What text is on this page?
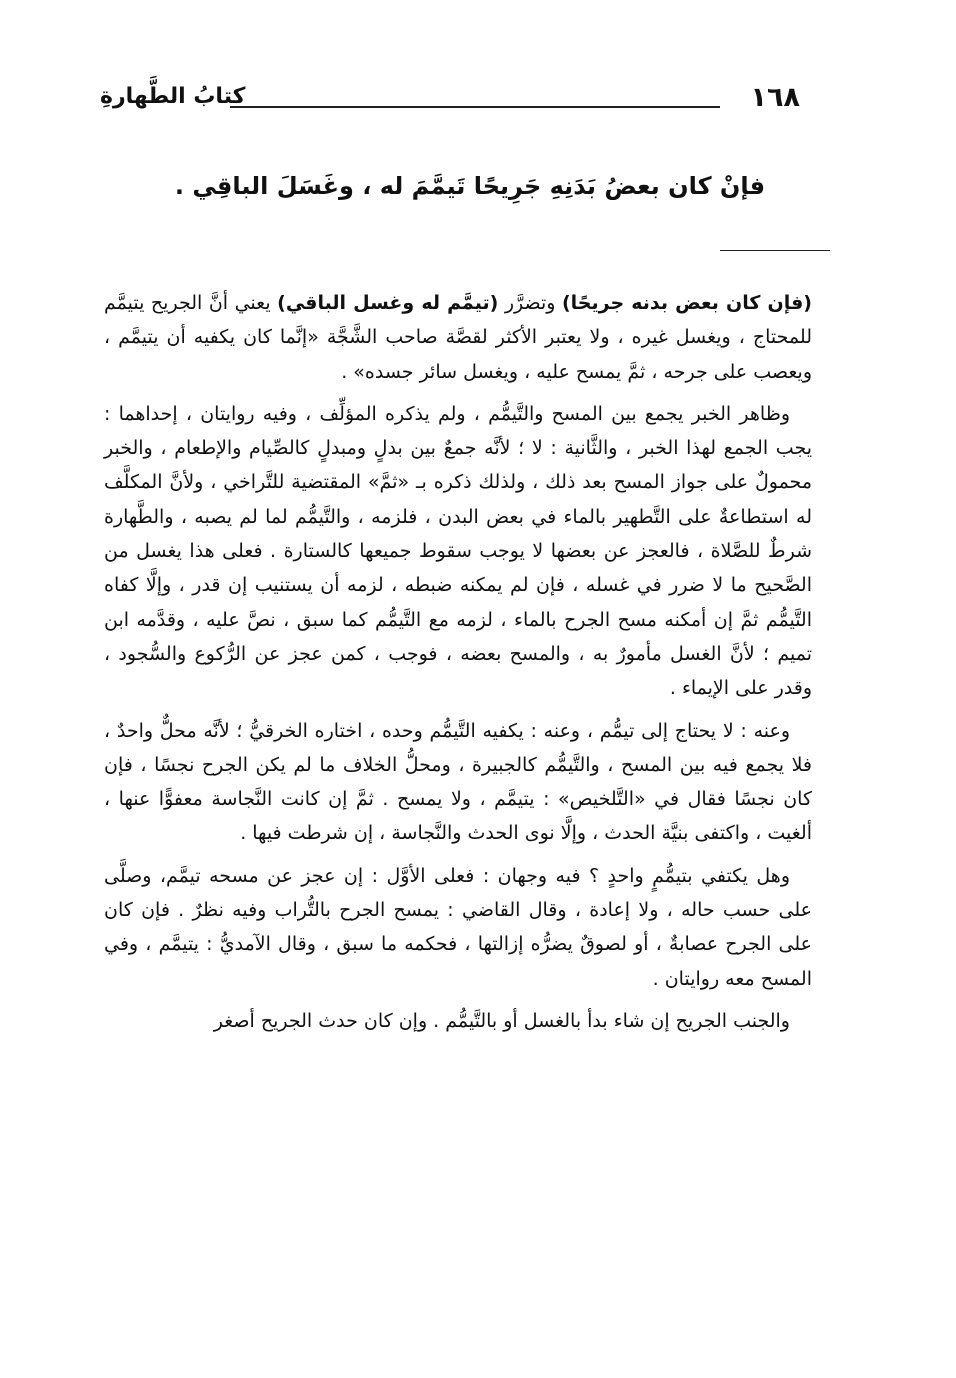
١٦٨
كتابُ الطَّهارةِ
فإنْ كان بعضُ بَدَنِهِ جَرِيحًا تَيمَّمَ له ، وغَسَلَ الباقِي .

(فإن كان بعض بدنه جريحًا) وتضرَّر (تيمَّم له وغسل الباقي) يعني أنَّ الجريح يتيمَّم للمحتاج ، ويغسل غيره ، ولا يعتبر الأكثر لقصَّة صاحب الشَّجَّة «إنَّما كان يكفيه أن يتيمَّم ، ويعصب على جرحه ، ثمَّ يمسح عليه ، ويغسل سائر جسده» .

وظاهر الخبر يجمع بين المسح والتَّيمُّم ، ولم يذكره المؤلِّف ، وفيه روايتان ، إحداهما : يجب الجمع لهذا الخبر ، والثَّانية : لا ؛ لأنَّه جمعٌ بين بدلٍ ومبدلٍ كالصِّيام والإطعام ، والخبر محمولٌ على جواز المسح بعد ذلك ، ولذلك ذكره بـ «ثمَّ» المقتضية للتَّراخي ، ولأنَّ المكلَّف له استطاعةٌ على التَّطهير بالماء في بعض البدن ، فلزمه ، والتَّيمُّم لما لم يصبه ، والطَّهارة شرطٌ للصَّلاة ، فالعجز عن بعضها لا يوجب سقوط جميعها كالستارة . فعلى هذا يغسل من الصَّحيح ما لا ضرر في غسله ، فإن لم يمكنه ضبطه ، لزمه أن يستنيب إن قدر ، وإلَّا كفاه التَّيمُّم ثمَّ إن أمكنه مسح الجرح بالماء ، لزمه مع التَّيمُّم كما سبق ، نصَّ عليه ، وقدَّمه ابن تميم ؛ لأنَّ الغسل مأمورٌ به ، والمسح بعضه ، فوجب ، كمن عجز عن الرُّكوع والسُّجود ، وقدر على الإيماء .

وعنه : لا يحتاج إلى تيمُّم ، وعنه : يكفيه التَّيمُّم وحده ، اختاره الخرقيُّ ؛ لأنَّه محلٌّ واحدٌ ، فلا يجمع فيه بين المسح ، والتَّيمُّم كالجبيرة ، ومحلُّ الخلاف ما لم يكن الجرح نجسًا ، فإن كان نجسًا فقال في «التَّلخيص» : يتيمَّم ، ولا يمسح . ثمَّ إن كانت النَّجاسة معفوًّا عنها ، ألغيت ، واكتفى بنيَّة الحدث ، وإلَّا نوى الحدث والنَّجاسة ، إن شرطت فيها .

وهل يكتفي بتيمُّمٍ واحدٍ ؟ فيه وجهان : فعلى الأوَّل : إن عجز عن مسحه تيمَّم، وصلَّى على حسب حاله ، ولا إعادة ، وقال القاضي : يمسح الجرح بالتُّراب وفيه نظرٌ . فإن كان على الجرح عصابةٌ ، أو لصوقٌ يضرُّه إزالتها ، فحكمه ما سبق ، وقال الآمديُّ : يتيمَّم ، وفي المسح معه روايتان .

والجنب الجريح إن شاء بدأ بالغسل أو بالتَّيمُّم . وإن كان حدث الجريح أصغر
